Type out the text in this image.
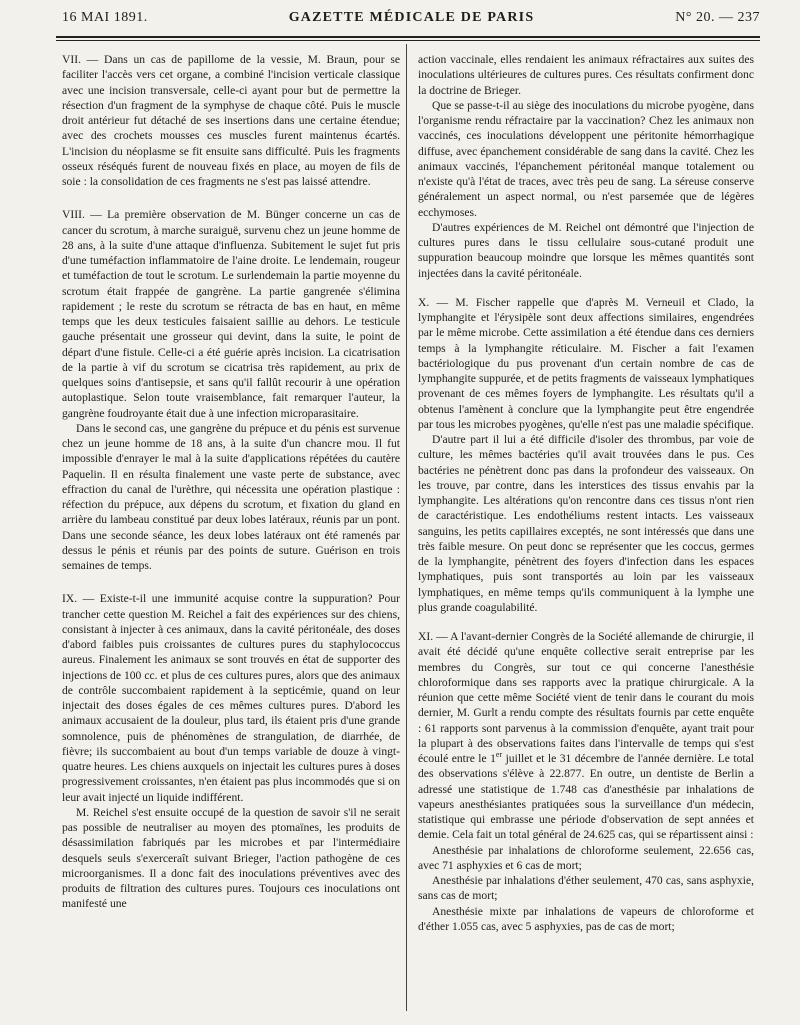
16 MAI 1891.	GAZETTE MÉDICALE DE PARIS	N° 20. — 237

VII. — Dans un cas de papillome de la vessie, M. Braun, pour se faciliter l'accès vers cet organe, a combiné l'incision verticale classique avec une incision transversale, celle-ci ayant pour but de permettre la résection d'un fragment de la symphyse de chaque côté. Puis le muscle droit antérieur fut détaché de ses insertions dans une certaine étendue; avec des crochets mousses ces muscles furent maintenus écartés. L'incision du néoplasme se fit ensuite sans difficulté. Puis les fragments osseux réséqués furent de nouveau fixés en place, au moyen de fils de soie : la consolidation de ces fragments ne s'est pas laissé attendre.

VIII. — La première observation de M. Bünger concerne un cas de cancer du scrotum, à marche suraiguë, survenu chez un jeune homme de 28 ans, à la suite d'une attaque d'influenza. Subitement le sujet fut pris d'une tuméfaction inflammatoire de l'aine droite. Le lendemain, rougeur et tuméfaction de tout le scrotum. Le surlendemain la partie moyenne du scrotum était frappée de gangrène. La partie gangrenée s'élimina rapidement ; le reste du scrotum se rétracta de bas en haut, en même temps que les deux testicules faisaient saillie au dehors. Le testicule gauche présentait une grosseur qui devint, dans la suite, le point de départ d'une fistule. Celle-ci a été guérie après incision. La cicatrisation de la partie à vif du scrotum se cicatrisa très rapidement, au prix de quelques soins d'antisepsie, et sans qu'il fallût recourir à une opération autoplastique. Selon toute vraisemblance, fait remarquer l'auteur, la gangrène foudroyante était due à une infection microparasitaire.

Dans le second cas, une gangrène du prépuce et du pénis est survenue chez un jeune homme de 18 ans, à la suite d'un chancre mou. Il fut impossible d'enrayer le mal à la suite d'applications répétées du cautère Paquelin. Il en résulta finalement une vaste perte de substance, avec effraction du canal de l'urèthre, qui nécessita une opération plastique : réfection du prépuce, aux dépens du scrotum, et fixation du gland en arrière du lambeau constitué par deux lobes latéraux, réunis par un pont. Dans une seconde séance, les deux lobes latéraux ont été ramenés par dessus le pénis et réunis par des points de suture. Guérison en trois semaines de temps.

IX. — Existe-t-il une immunité acquise contre la suppuration? Pour trancher cette question M. Reichel a fait des expériences sur des chiens, consistant à injecter à ces animaux, dans la cavité péritonéale, des doses d'abord faibles puis croissantes de cultures pures du staphylococcus aureus. Finalement les animaux se sont trouvés en état de supporter des injections de 100 cc. et plus de ces cultures pures, alors que des animaux de contrôle succombaient rapidement à la septicémie, quand on leur injectait des doses égales de ces mêmes cultures pures. D'abord les animaux accusaient de la douleur, plus tard, ils étaient pris d'une grande somnolence, puis de phénomènes de strangulation, de diarrhée, de fièvre; ils succombaient au bout d'un temps variable de douze à vingt-quatre heures. Les chiens auxquels on injectait les cultures pures à doses progressivement croissantes, n'en étaient pas plus incommodés que si on leur avait injecté un liquide indifférent.

M. Reichel s'est ensuite occupé de la question de savoir s'il ne serait pas possible de neutraliser au moyen des ptomaïnes, les produits de désassimilation fabriqués par les microbes et par l'intermédiaire desquels seuls s'exerceraît suivant Brieger, l'action pathogène de ces microorganismes. Il a donc fait des inoculations préventives avec des produits de filtration des cultures pures. Toujours ces inoculations ont manifesté une

action vaccinale, elles rendaient les animaux réfractaires aux suites des inoculations ultérieures de cultures pures. Ces résultats confirment donc la doctrine de Brieger.

Que se passe-t-il au siège des inoculations du microbe pyogène, dans l'organisme rendu réfractaire par la vaccination? Chez les animaux non vaccinés, ces inoculations développent une péritonite hémorrhagique diffuse, avec épanchement considérable de sang dans la cavité. Chez les animaux vaccinés, l'épanchement péritonéal manque totalement ou n'existe qu'à l'état de traces, avec très peu de sang. La séreuse conserve généralement un aspect normal, ou n'est parsemée que de légères ecchymoses.

D'autres expériences de M. Reichel ont démontré que l'injection de cultures pures dans le tissu cellulaire sous-cutané produit une suppuration beaucoup moindre que lorsque les mêmes quantités sont injectées dans la cavité péritonéale.

X. — M. Fischer rappelle que d'après M. Verneuil et Clado, la lymphangite et l'érysipèle sont deux affections similaires, engendrées par le même microbe. Cette assimilation a été étendue dans ces derniers temps à la lymphangite réticulaire. M. Fischer a fait l'examen bactériologique du pus provenant d'un certain nombre de cas de lymphangite suppurée, et de petits fragments de vaisseaux lymphatiques provenant de ces mêmes foyers de lymphangite. Les résultats qu'il a obtenus l'amènent à conclure que la lymphangite peut être engendrée par tous les microbes pyogènes, qu'elle n'est pas une maladie spécifique.

D'autre part il lui a été difficile d'isoler des thrombus, par voie de culture, les mêmes bactéries qu'il avait trouvées dans le pus. Ces bactéries ne pénètrent donc pas dans la profondeur des vaisseaux. On les trouve, par contre, dans les interstices des tissus envahis par la lymphangite. Les altérations qu'on rencontre dans ces tissus n'ont rien de caractéristique. Les endothéliums restent intacts. Les vaisseaux sanguins, les petits capillaires exceptés, ne sont intéressés que dans une très faible mesure. On peut donc se représenter que les coccus, germes de la lymphangite, pénètrent des foyers d'infection dans les espaces lymphatiques, puis sont transportés au loin par les vaisseaux lymphatiques, en même temps qu'ils communiquent à la lymphe une plus grande coagulabilité.

XI. — A l'avant-dernier Congrès de la Société allemande de chirurgie, il avait été décidé qu'une enquête collective serait entreprise par les membres du Congrès, sur tout ce qui concerne l'anesthésie chloroformique dans ses rapports avec la pratique chirurgicale. A la réunion que cette même Société vient de tenir dans le courant du mois dernier, M. Gurlt a rendu compte des résultats fournis par cette enquête : 61 rapports sont parvenus à la commission d'enquête, ayant trait pour la plupart à des observations faites dans l'intervalle de temps qui s'est écoulé entre le 1er juillet et le 31 décembre de l'année dernière. Le total des observations s'élève à 22.877. En outre, un dentiste de Berlin a adressé une statistique de 1.748 cas d'anesthésie par inhalations de vapeurs anesthésiantes pratiquées sous la surveillance d'un médecin, statistique qui embrasse une période d'observation de sept années et demie. Cela fait un total général de 24.625 cas, qui se répartissent ainsi :

Anesthésie par inhalations de chloroforme seulement, 22.656 cas, avec 71 asphyxies et 6 cas de mort;

Anesthésie par inhalations d'éther seulement, 470 cas, sans asphyxie, sans cas de mort;

Anesthésie mixte par inhalations de vapeurs de chloroforme et d'éther 1.055 cas, avec 5 asphyxies, pas de cas de mort;
